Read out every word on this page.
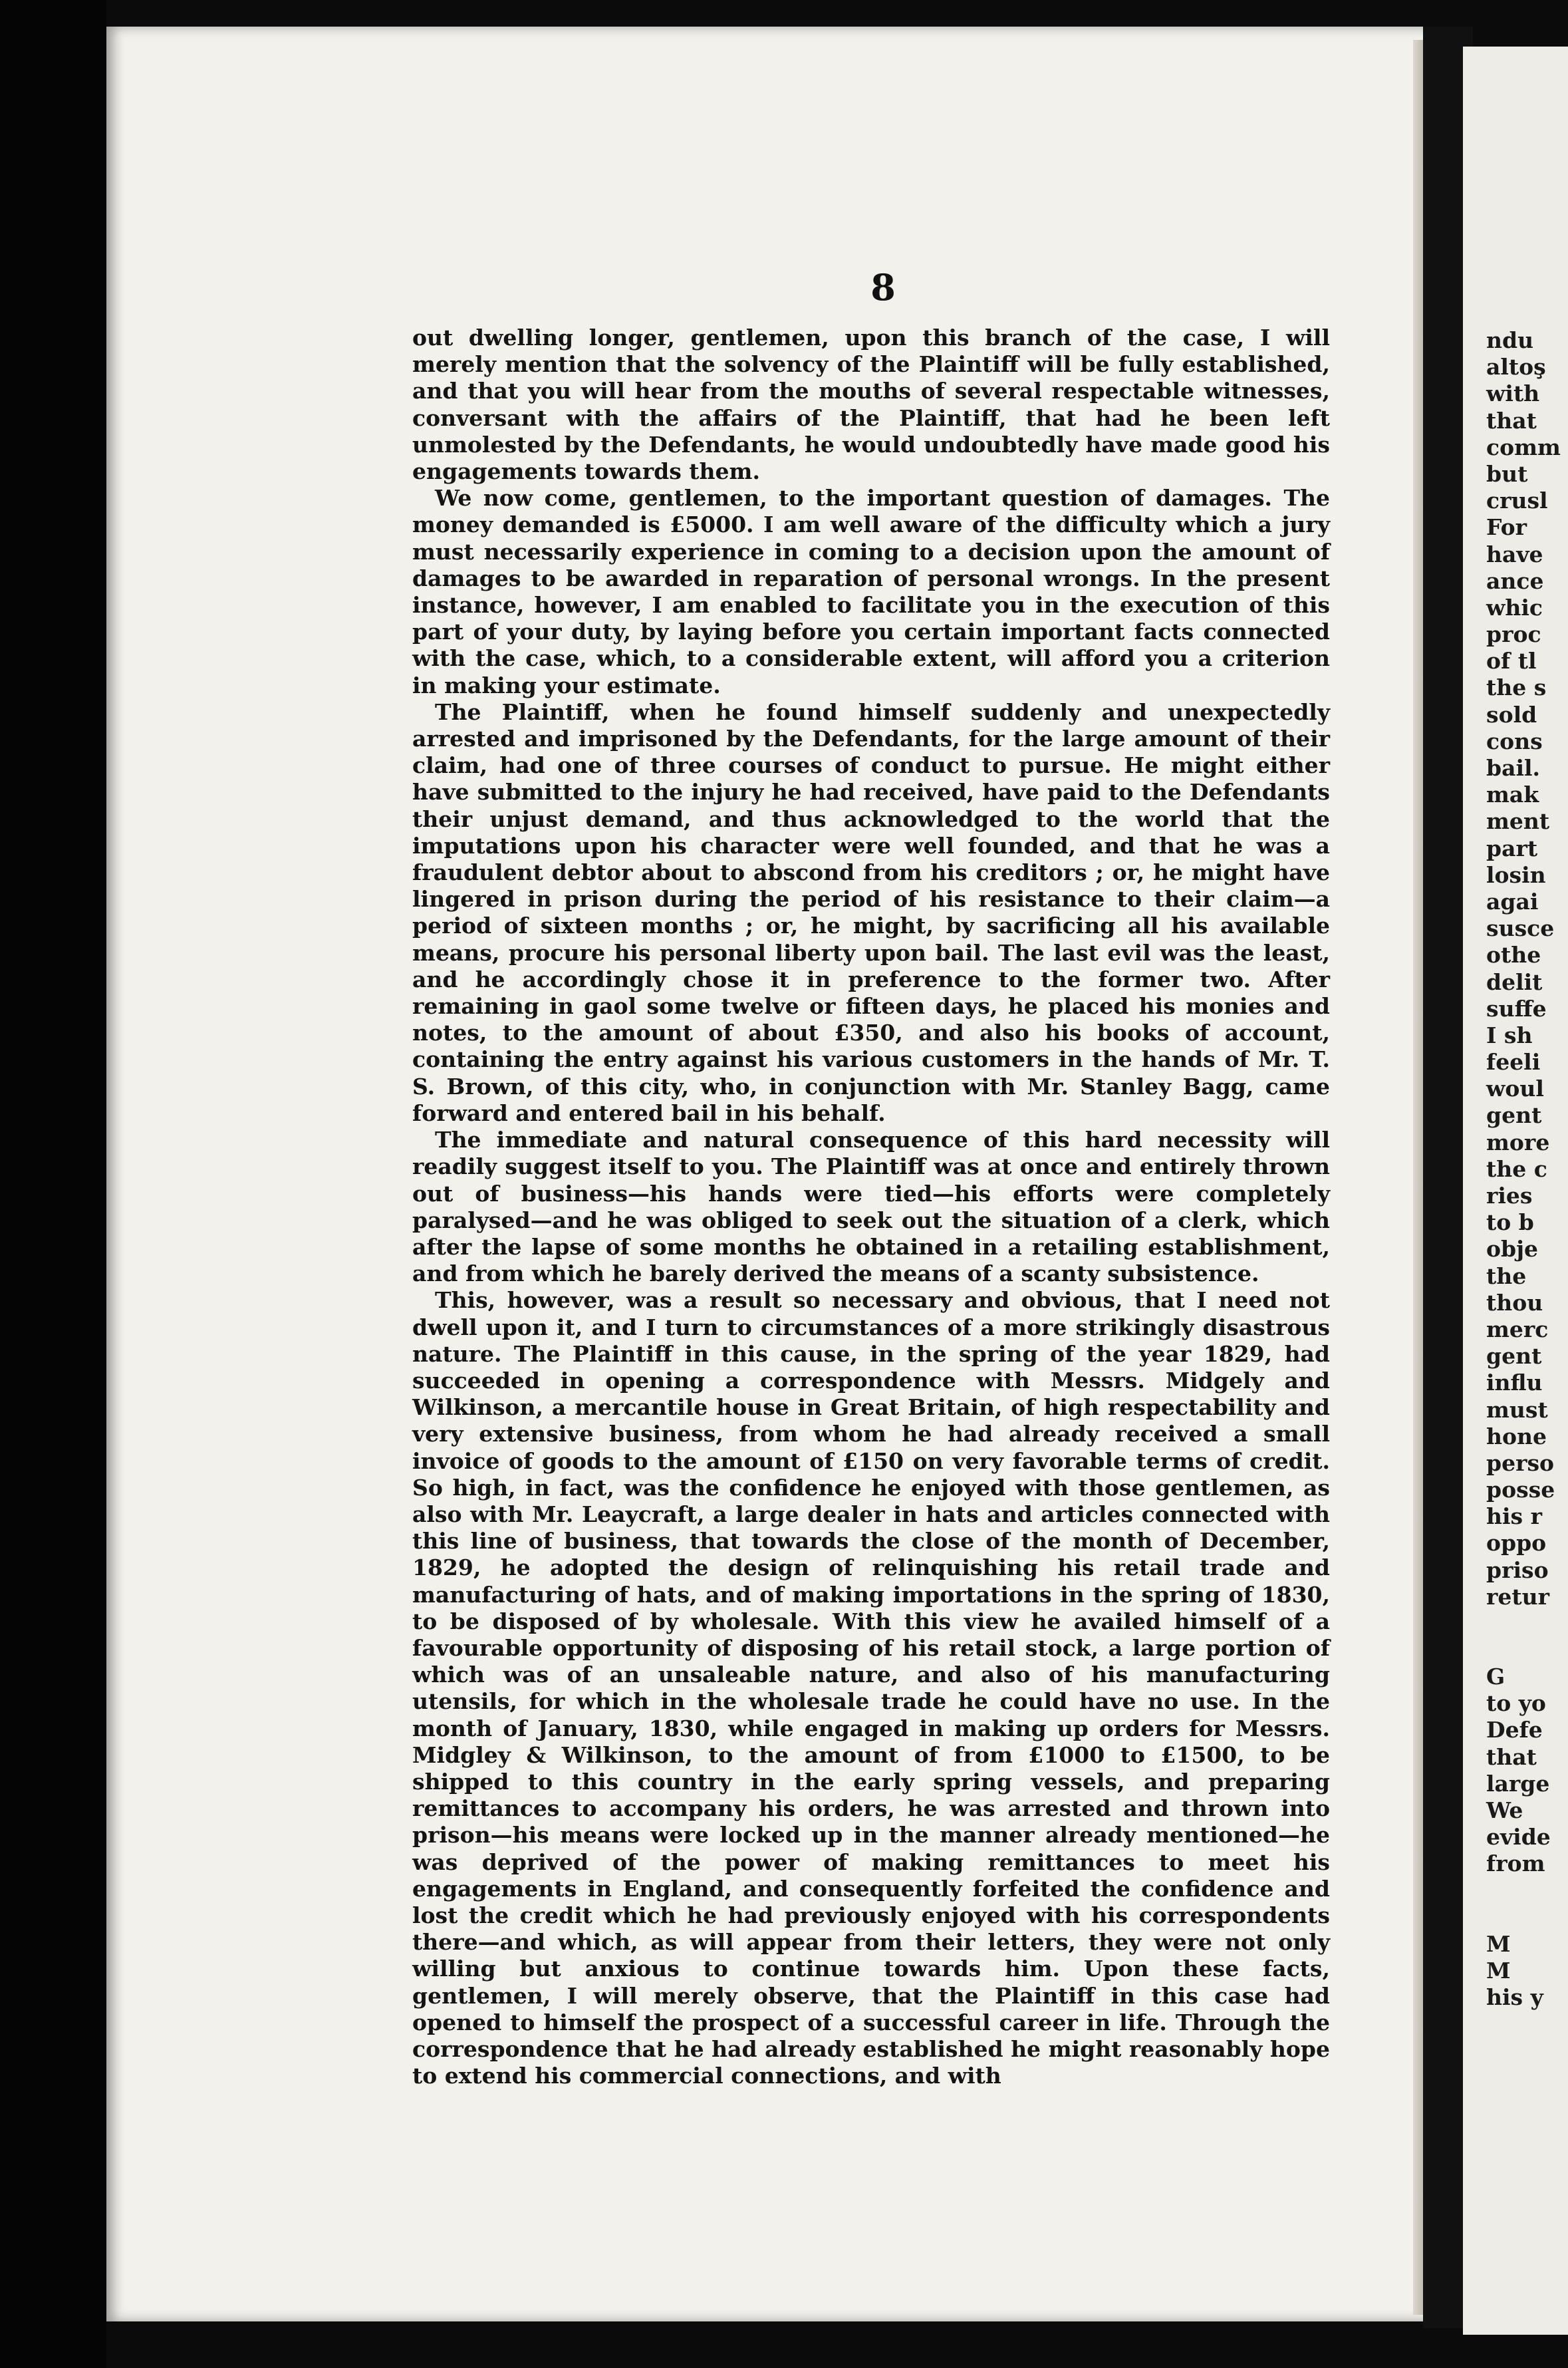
8

out dwelling longer, gentlemen, upon this branch of the case, I will merely mention that the solvency of the Plaintiff will be fully established, and that you will hear from the mouths of several respectable witnesses, conversant with the affairs of the Plaintiff, that had he been left unmolested by the Defendants, he would undoubtedly have made good his engagements towards them.

We now come, gentlemen, to the important question of damages. The money demanded is £5000. I am well aware of the difficulty which a jury must necessarily experience in coming to a decision upon the amount of damages to be awarded in reparation of personal wrongs. In the present instance, however, I am enabled to facilitate you in the execution of this part of your duty, by laying before you certain important facts connected with the case, which, to a considerable extent, will afford you a criterion in making your estimate.

The Plaintiff, when he found himself suddenly and unexpectedly arrested and imprisoned by the Defendants, for the large amount of their claim, had one of three courses of conduct to pursue. He might either have submitted to the injury he had received, have paid to the Defendants their unjust demand, and thus acknowledged to the world that the imputations upon his character were well founded, and that he was a fraudulent debtor about to abscond from his creditors ; or, he might have lingered in prison during the period of his resistance to their claim—a period of sixteen months ; or, he might, by sacrificing all his available means, procure his personal liberty upon bail. The last evil was the least, and he accordingly chose it in preference to the former two. After remaining in gaol some twelve or fifteen days, he placed his monies and notes, to the amount of about £350, and also his books of account, containing the entry against his various customers in the hands of Mr. T. S. Brown, of this city, who, in conjunction with Mr. Stanley Bagg, came forward and entered bail in his behalf.

The immediate and natural consequence of this hard necessity will readily suggest itself to you. The Plaintiff was at once and entirely thrown out of business—his hands were tied—his efforts were completely paralysed—and he was obliged to seek out the situation of a clerk, which after the lapse of some months he obtained in a retailing establishment, and from which he barely derived the means of a scanty subsistence.

This, however, was a result so necessary and obvious, that I need not dwell upon it, and I turn to circumstances of a more strikingly disastrous nature. The Plaintiff in this cause, in the spring of the year 1829, had succeeded in opening a correspondence with Messrs. Midgely and Wilkinson, a mercantile house in Great Britain, of high respectability and very extensive business, from whom he had already received a small invoice of goods to the amount of £150 on very favorable terms of credit. So high, in fact, was the confidence he enjoyed with those gentlemen, as also with Mr. Leaycraft, a large dealer in hats and articles connected with this line of business, that towards the close of the month of December, 1829, he adopted the design of relinquishing his retail trade and manufacturing of hats, and of making importations in the spring of 1830, to be disposed of by wholesale. With this view he availed himself of a favourable opportunity of disposing of his retail stock, a large portion of which was of an unsaleable nature, and also of his manufacturing utensils, for which in the wholesale trade he could have no use. In the month of January, 1830, while engaged in making up orders for Messrs. Midgley & Wilkinson, to the amount of from £1000 to £1500, to be shipped to this country in the early spring vessels, and preparing remittances to accompany his orders, he was arrested and thrown into prison—his means were locked up in the manner already mentioned—he was deprived of the power of making remittances to meet his engagements in England, and consequently forfeited the confidence and lost the credit which he had previously enjoyed with his correspondents there—and which, as will appear from their letters, they were not only willing but anxious to continue towards him. Upon these facts, gentlemen, I will merely observe, that the Plaintiff in this case had opened to himself the prospect of a successful career in life. Through the correspondence that he had already established he might reasonably hope to extend his commercial connections, and with

ndu
altoş
with
that
comm
but
crusl
For
have
ance
whic
proc
of tl
the s
sold
cons
bail.
mak
ment
part
losin
agai
susce
othe
delit
suffe
I sh
feeli
woul
gent
more
the c
ries
to b
obje
the
thou
merc
gent
influ
must
hone
perso
posse
his r
oppo
priso
retur
G
to yo
Defe
that
large
We
evide
from
M
M
his y
